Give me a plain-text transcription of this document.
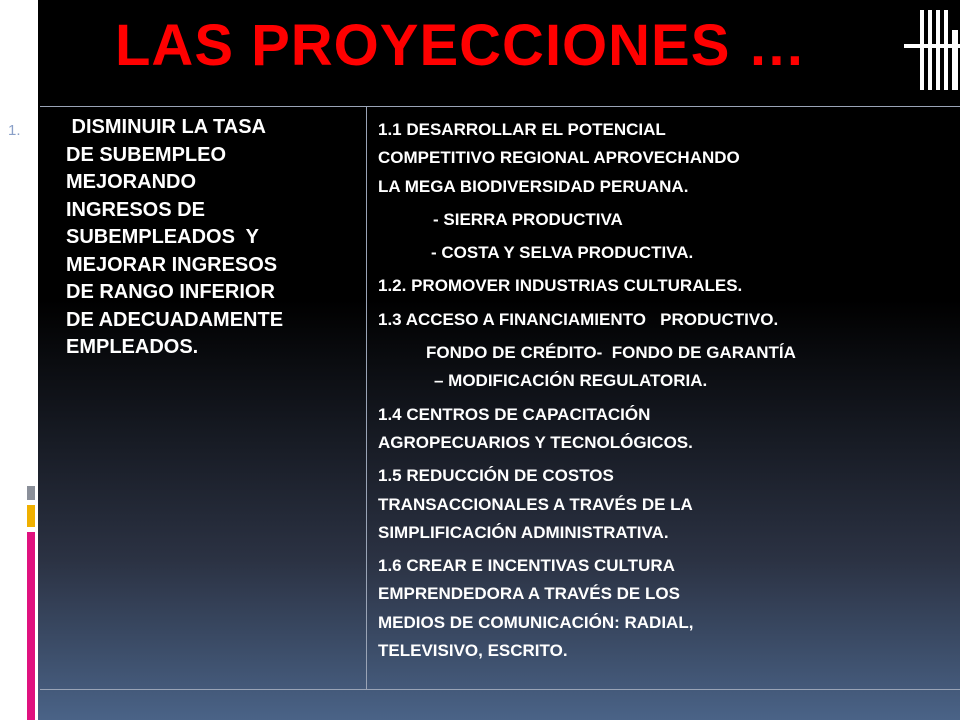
LAS PROYECCIONES …
1. DISMINUIR LA TASA
DE SUBEMPLEO
MEJORANDO
INGRESOS DE
SUBEMPLEADOS  Y
MEJORAR INGRESOS
DE RANGO INFERIOR
DE ADECUADAMENTE
EMPLEADOS.
1.1 DESARROLLAR EL POTENCIAL
COMPETITIVO REGIONAL APROVECHANDO
LA MEGA BIODIVERSIDAD PERUANA.
- SIERRA PRODUCTIVA
- COSTA Y SELVA PRODUCTIVA.
1.2. PROMOVER INDUSTRIAS CULTURALES.
1.3 ACCESO A FINANCIAMIENTO   PRODUCTIVO.
FONDO DE CRÉDITO-  FONDO DE GARANTÍA
– MODIFICACIÓN REGULATORIA.
1.4 CENTROS DE CAPACITACIÓN
AGROPECUARIOS Y TECNOLÓGICOS.
1.5 REDUCCIÓN DE COSTOS
TRANSACCIONALES A TRAVÉS DE LA
SIMPLIFICACIÓN ADMINISTRATIVA.
1.6 CREAR E INCENTIVAS CULTURA
EMPRENDEDORA A TRAVÉS DE LOS
MEDIOS DE COMUNICACIÓN: RADIAL,
TELEVISIVO, ESCRITO.
